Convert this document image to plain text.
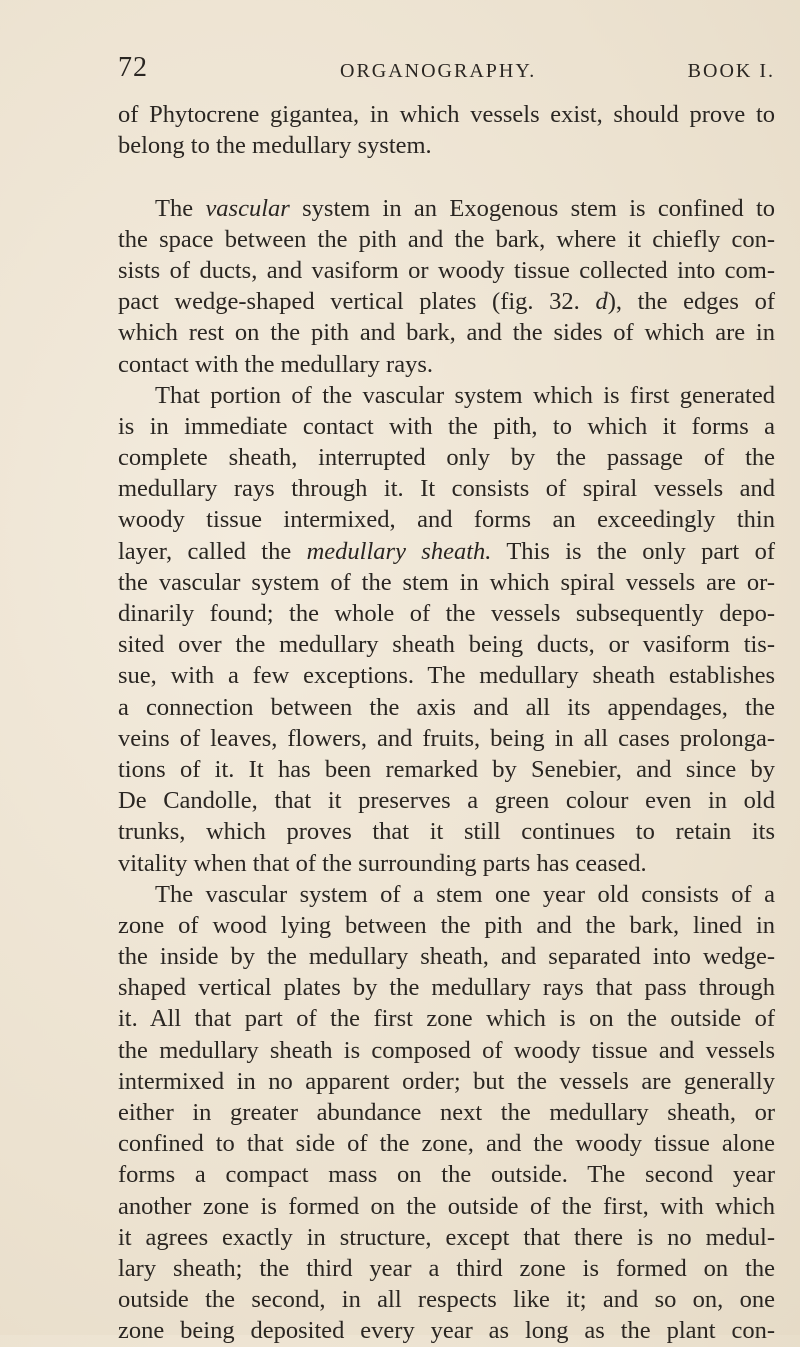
72	ORGANOGRAPHY.	BOOK I.
of Phytocrene gigantea, in which vessels exist, should prove to
belong to the medullary system.
The vascular system in an Exogenous stem is confined to
the space between the pith and the bark, where it chiefly con-
sists of ducts, and vasiform or woody tissue collected into com-
pact wedge-shaped vertical plates (fig. 32. d), the edges of
which rest on the pith and bark, and the sides of which are in
contact with the medullary rays.
That portion of the vascular system which is first generated
is in immediate contact with the pith, to which it forms a
complete sheath, interrupted only by the passage of the
medullary rays through it. It consists of spiral vessels and
woody tissue intermixed, and forms an exceedingly thin
layer, called the medullary sheath. This is the only part of
the vascular system of the stem in which spiral vessels are or-
dinarily found; the whole of the vessels subsequently depo-
sited over the medullary sheath being ducts, or vasiform tis-
sue, with a few exceptions. The medullary sheath establishes
a connection between the axis and all its appendages, the
veins of leaves, flowers, and fruits, being in all cases prolonga-
tions of it. It has been remarked by Senebier, and since by
De Candolle, that it preserves a green colour even in old
trunks, which proves that it still continues to retain its
vitality when that of the surrounding parts has ceased.
The vascular system of a stem one year old consists of a
zone of wood lying between the pith and the bark, lined in
the inside by the medullary sheath, and separated into wedge-
shaped vertical plates by the medullary rays that pass through
it. All that part of the first zone which is on the outside of
the medullary sheath is composed of woody tissue and vessels
intermixed in no apparent order; but the vessels are generally
either in greater abundance next the medullary sheath, or
confined to that side of the zone, and the woody tissue alone
forms a compact mass on the outside. The second year
another zone is formed on the outside of the first, with which
it agrees exactly in structure, except that there is no medul-
lary sheath; the third year a third zone is formed on the
outside the second, in all respects like it; and so on, one
zone being deposited every year as long as the plant con-
